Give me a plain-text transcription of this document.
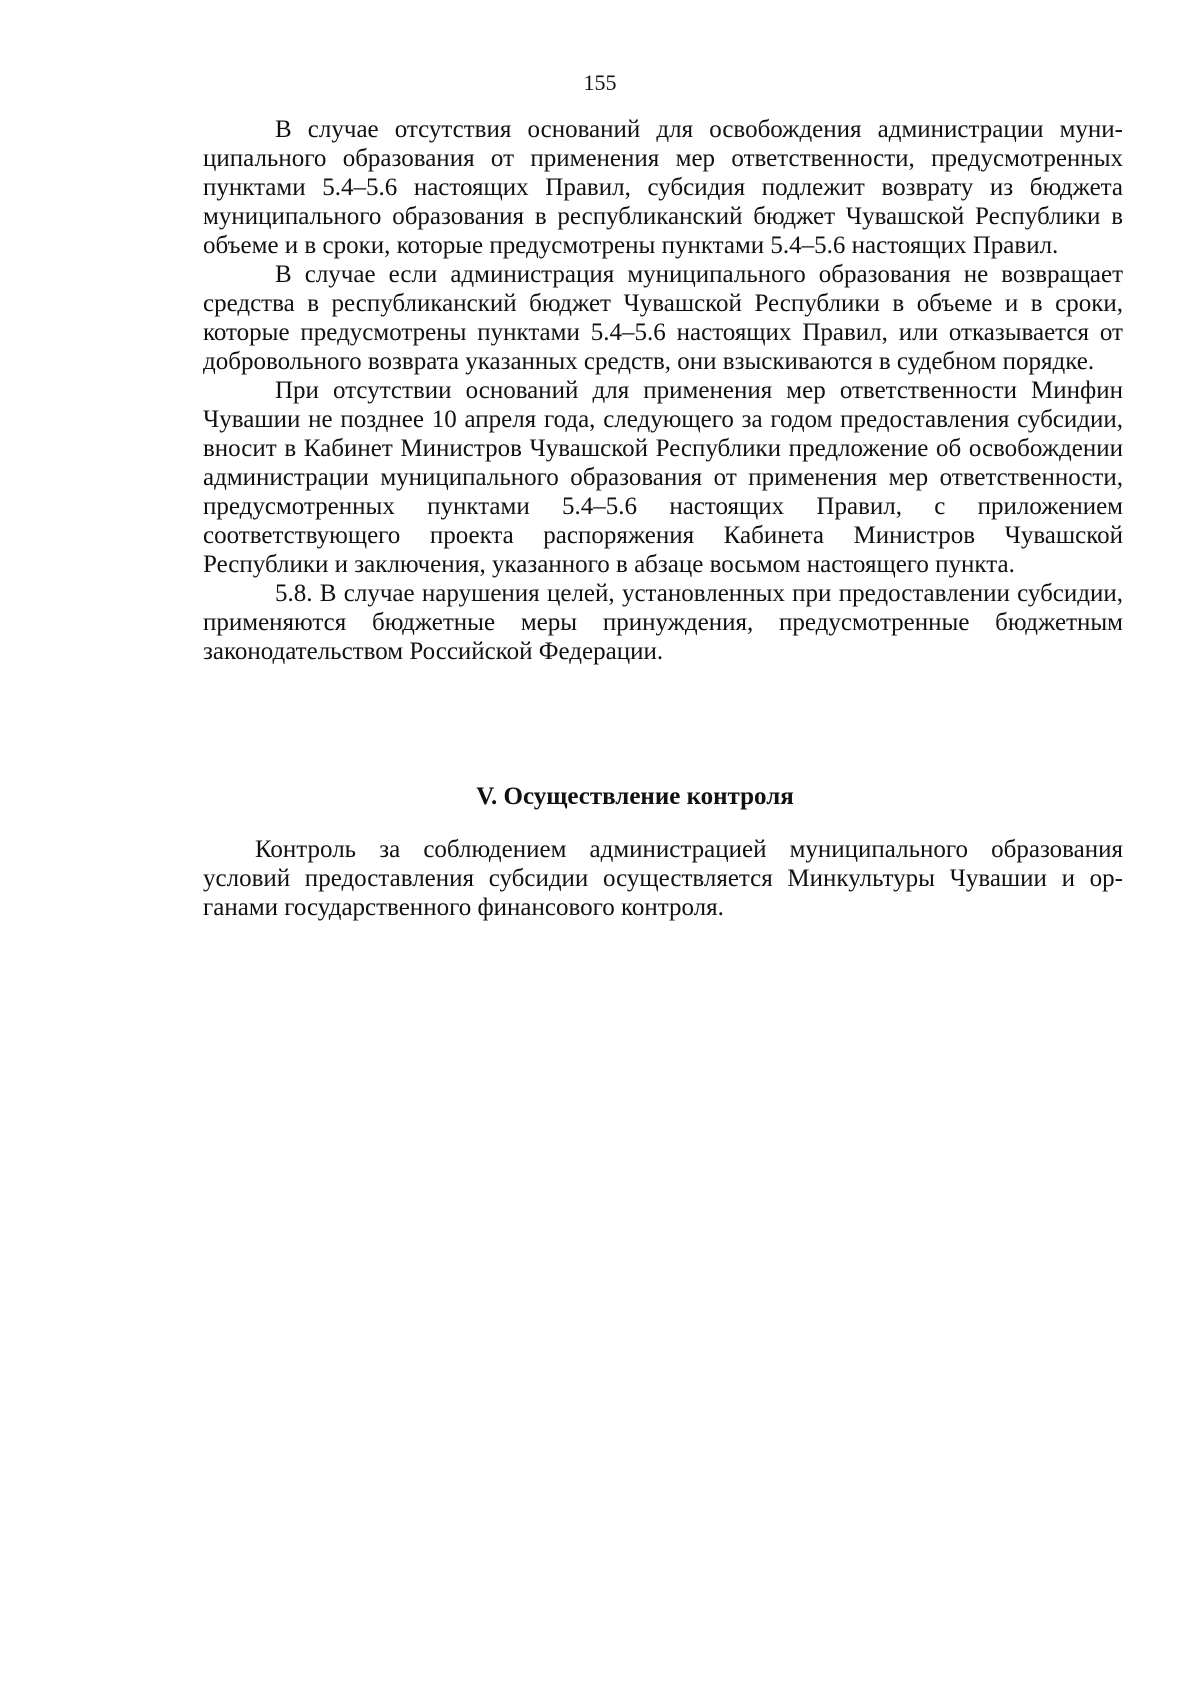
155

В случае отсутствия оснований для освобождения администрации муниципального образования от применения мер ответственности, предусмотренных пунктами 5.4–5.6 настоящих Правил, субсидия подлежит возврату из бюджета муниципального образования в республиканский бюджет Чувашской Республики в объеме и в сроки, которые предусмотрены пунктами 5.4–5.6 настоящих Правил.

В случае если администрация муниципального образования не возвращает средства в республиканский бюджет Чувашской Республики в объеме и в сроки, которые предусмотрены пунктами 5.4–5.6 настоящих Правил, или отказывается от добровольного возврата указанных средств, они взыскиваются в судебном порядке.

При отсутствии оснований для применения мер ответственности Минфин Чувашии не позднее 10 апреля года, следующего за годом предоставления субсидии, вносит в Кабинет Министров Чувашской Республики предложение об освобождении администрации муниципального образования от применения мер ответственности, предусмотренных пунктами 5.4–5.6 настоящих Правил, с приложением соответствующего проекта распоряжения Кабинета Министров Чувашской Республики и заключения, указанного в абзаце восьмом настоящего пункта.

5.8. В случае нарушения целей, установленных при предоставлении субсидии, применяются бюджетные меры принуждения, предусмотренные бюджетным законодательством Российской Федерации.

V. Осуществление контроля

Контроль за соблюдением администрацией муниципального образования условий предоставления субсидии осуществляется Минкультуры Чувашии и органами государственного финансового контроля.
